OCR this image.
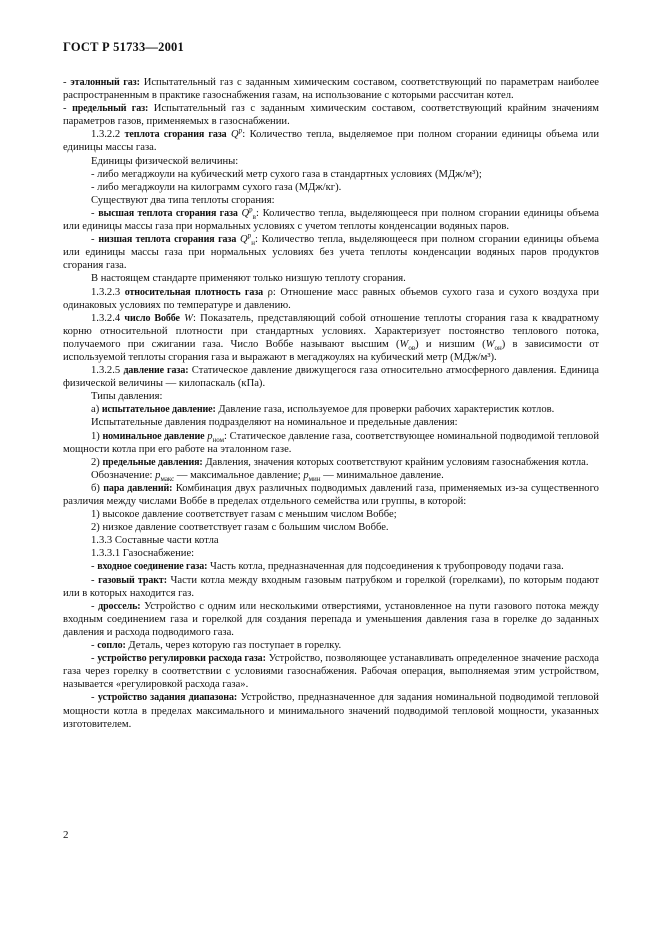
ГОСТ Р 51733—2001

- эталонный газ: Испытательный газ с заданным химическим составом, соответствующий по параметрам наиболее распространенным в практике газоснабжения газам, на использование с которыми рассчитан котел.

- предельный газ: Испытательный газ с заданным химическим составом, соответствующий крайним значениям параметров газов, применяемых в газоснабжении.

1.3.2.2 теплота сгорания газа $Q^р$: Количество тепла, выделяемое при полном сгорании единицы объема или единицы массы газа.

Единицы физической величины:

- либо мегаджоули на кубический метр сухого газа в стандартных условиях (МДж/м³);

- либо мегаджоули на килограмм сухого газа (МДж/кг).

Существуют два типа теплоты сгорания:

- высшая теплота сгорания газа $Q^р_в$: Количество тепла, выделяющееся при полном сгорании единицы объема или единицы массы газа при нормальных условиях с учетом теплоты конденсации водяных паров.

- низшая теплота сгорания газа $Q^р_н$: Количество тепла, выделяющееся при полном сгорании единицы объема или единицы массы газа при нормальных условиях без учета теплоты конденсации водяных паров продуктов сгорания газа.

В настоящем стандарте применяют только низшую теплоту сгорания.

1.3.2.3 относительная плотность газа ρ: Отношение масс равных объемов сухого газа и сухого воздуха при одинаковых условиях по температуре и давлению.

1.3.2.4 число Воббе W: Показатель, представляющий собой отношение теплоты сгорания газа к квадратному корню относительной плотности при стандартных условиях. Характеризует постоянство теплового потока, получаемого при сжигании газа. Число Воббе называют высшим $(W_{ов})$ и низшим $(W_{он})$ в зависимости от используемой теплоты сгорания газа и выражают в мегаджоулях на кубический метр (МДж/м³).

1.3.2.5 давление газа: Статическое давление движущегося газа относительно атмосферного давления. Единица физической величины — килопаскаль (кПа).

Типы давления:

а) испытательное давление: Давление газа, используемое для проверки рабочих характеристик котлов.

Испытательные давления подразделяют на номинальное и предельные давления:

1) номинальное давление $p_{ном}$: Статическое давление газа, соответствующее номинальной подводимой тепловой мощности котла при его работе на эталонном газе.

2) предельные давления: Давления, значения которых соответствуют крайним условиям газоснабжения котла.

Обозначение: $p_{макс}$ — максимальное давление; $p_{мин}$ — минимальное давление.

б) пара давлений: Комбинация двух различных подводимых давлений газа, применяемых из-за существенного различия между числами Воббе в пределах отдельного семейства или группы, в которой:

1) высокое давление соответствует газам с меньшим числом Воббе;

2) низкое давление соответствует газам с большим числом Воббе.

1.3.3 Составные части котла

1.3.3.1 Газоснабжение:

- входное соединение газа: Часть котла, предназначенная для подсоединения к трубопроводу подачи газа.

- газовый тракт: Части котла между входным газовым патрубком и горелкой (горелками), по которым подают или в которых находится газ.

- дроссель: Устройство с одним или несколькими отверстиями, установленное на пути газового потока между входным соединением газа и горелкой для создания перепада и уменьшения давления газа в горелке до заданных давления и расхода подводимого газа.

- сопло: Деталь, через которую газ поступает в горелку.

- устройство регулировки расхода газа: Устройство, позволяющее устанавливать определенное значение расхода газа через горелку в соответствии с условиями газоснабжения. Рабочая операция, выполняемая этим устройством, называется «регулировкой расхода газа».

- устройство задания диапазона: Устройство, предназначенное для задания номинальной подводимой тепловой мощности котла в пределах максимального и минимального значений подводимой тепловой мощности, указанных изготовителем.

2
